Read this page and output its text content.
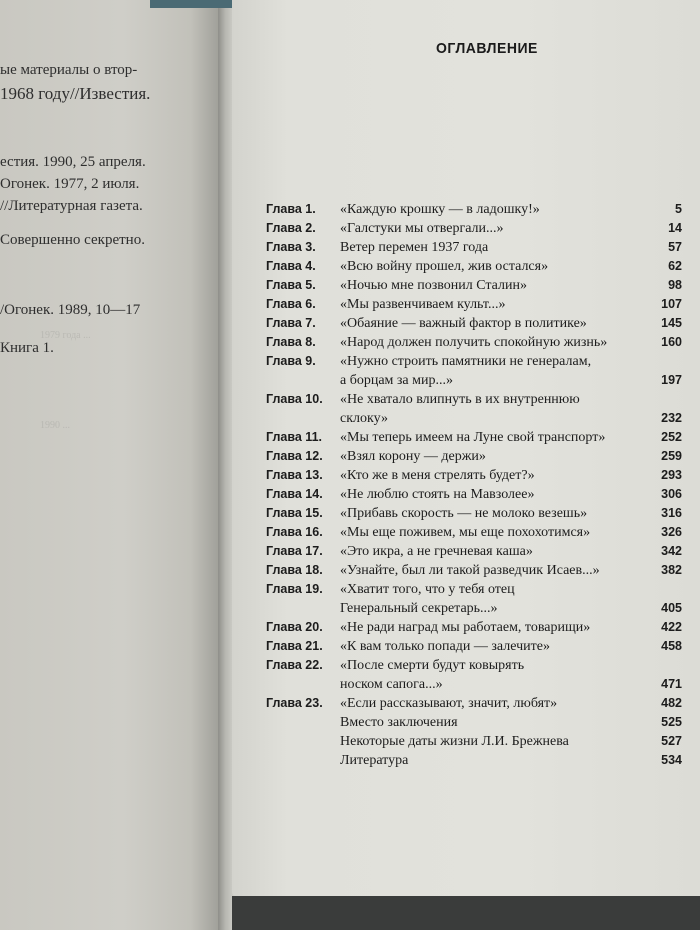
1979 года ...
1990 ...
ые материалы о втор-
1968 году//Известия.
естия. 1990, 25 апреля.
Огонек. 1977, 2 июля.
//Литературная газета.
Совершенно секретно.
/Огонек. 1989, 10—17
Книга 1.
ОГЛАВЛЕНИЕ
Глава 1. «Каждую крошку — в ладошку!»	5
Глава 2. «Галстуки мы отвергали...»	14
Глава 3. Ветер перемен 1937 года	57
Глава 4. «Всю войну прошел, жив остался»	62
Глава 5. «Ночью мне позвонил Сталин»	98
Глава 6. «Мы развенчиваем культ...»	107
Глава 7. «Обаяние — важный фактор в политике»	145
Глава 8. «Народ должен получить спокойную жизнь»	160
Глава 9. «Нужно строить памятники не генералам,
а борцам за мир...»	197
Глава 10. «Не хватало влипнуть в их внутреннюю
склоку»	232
Глава 11. «Мы теперь имеем на Луне свой транспорт»	252
Глава 12. «Взял корону — держи»	259
Глава 13. «Кто же в меня стрелять будет?»	293
Глава 14. «Не люблю стоять на Мавзолее»	306
Глава 15. «Прибавь скорость — не молоко везешь»	316
Глава 16. «Мы еще поживем, мы еще похохотимся»	326
Глава 17. «Это икра, а не гречневая каша»	342
Глава 18. «Узнайте, был ли такой разведчик Исаев...»	382
Глава 19. «Хватит того, что у тебя отец
Генеральный секретарь...»	405
Глава 20. «Не ради наград мы работаем, товарищи»	422
Глава 21. «К вам только попади — залечите»	458
Глава 22. «После смерти будут ковырять
носком сапога...»	471
Глава 23. «Если рассказывают, значит, любят»	482
Вместо заключения	525
Некоторые даты жизни Л.И. Брежнева	527
Литература	534
